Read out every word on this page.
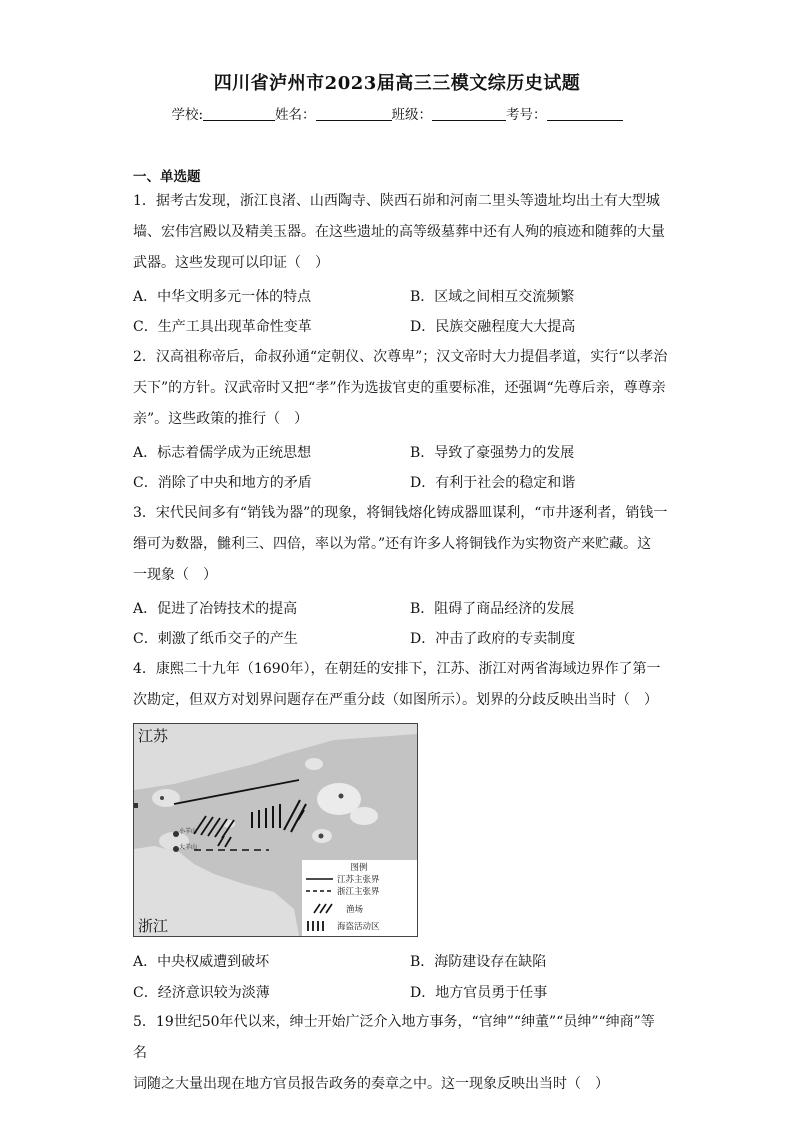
四川省泸州市2023届高三三模文综历史试题
学校:	姓名：	班级：	考号：
一、单选题

1．据考古发现，浙江良渚、山西陶寺、陕西石峁和河南二里头等遗址均出土有大型城

墙、宏伟宫殿以及精美玉器。在这些遗址的高等级墓葬中还有人殉的痕迹和随葬的大量

武器。这些发现可以印证（　）

A．中华文明多元一体的特点	B．区域之间相互交流频繁
C．生产工具出现革命性变革	D．民族交融程度大大提高

2．汉高祖称帝后，命叔孙通“定朝仪、次尊卑”；汉文帝时大力提倡孝道，实行“以孝治

天下”的方针。汉武帝时又把“孝”作为选拔官吏的重要标准，还强调“先尊后亲，尊尊亲

亲”。这些政策的推行（　）

A．标志着儒学成为正统思想	B．导致了豪强势力的发展
C．消除了中央和地方的矛盾	D．有利于社会的稳定和谐

3．宋代民间多有“销钱为器”的现象，将铜钱熔化铸成器皿谋利，“市井逐利者，销钱一

缗可为数器，雠利三、四倍，率以为常。”还有许多人将铜钱作为实物资产来贮藏。这

一现象（　）

A．促进了冶铸技术的提高	B．阻碍了商品经济的发展
C．刺激了纸币交子的产生	D．冲击了政府的专卖制度

4．康熙二十九年（1690年），在朝廷的安排下，江苏、浙江对两省海域边界作了第一

次勘定，但双方对划界问题存在严重分歧（如图所示）。划界的分歧反映出当时（　）

江苏
浙江
小羊山
大羊山
图例
江苏主张界
浙江主张界
渔场
海盗活动区
A．中央权威遭到破坏	B．海防建设存在缺陷
C．经济意识较为淡薄	D．地方官员勇于任事

5．19世纪50年代以来，绅士开始广泛介入地方事务，“官绅”“绅董”“员绅”“绅商”等名

词随之大量出现在地方官员报告政务的奏章之中。这一现象反映出当时（　）
